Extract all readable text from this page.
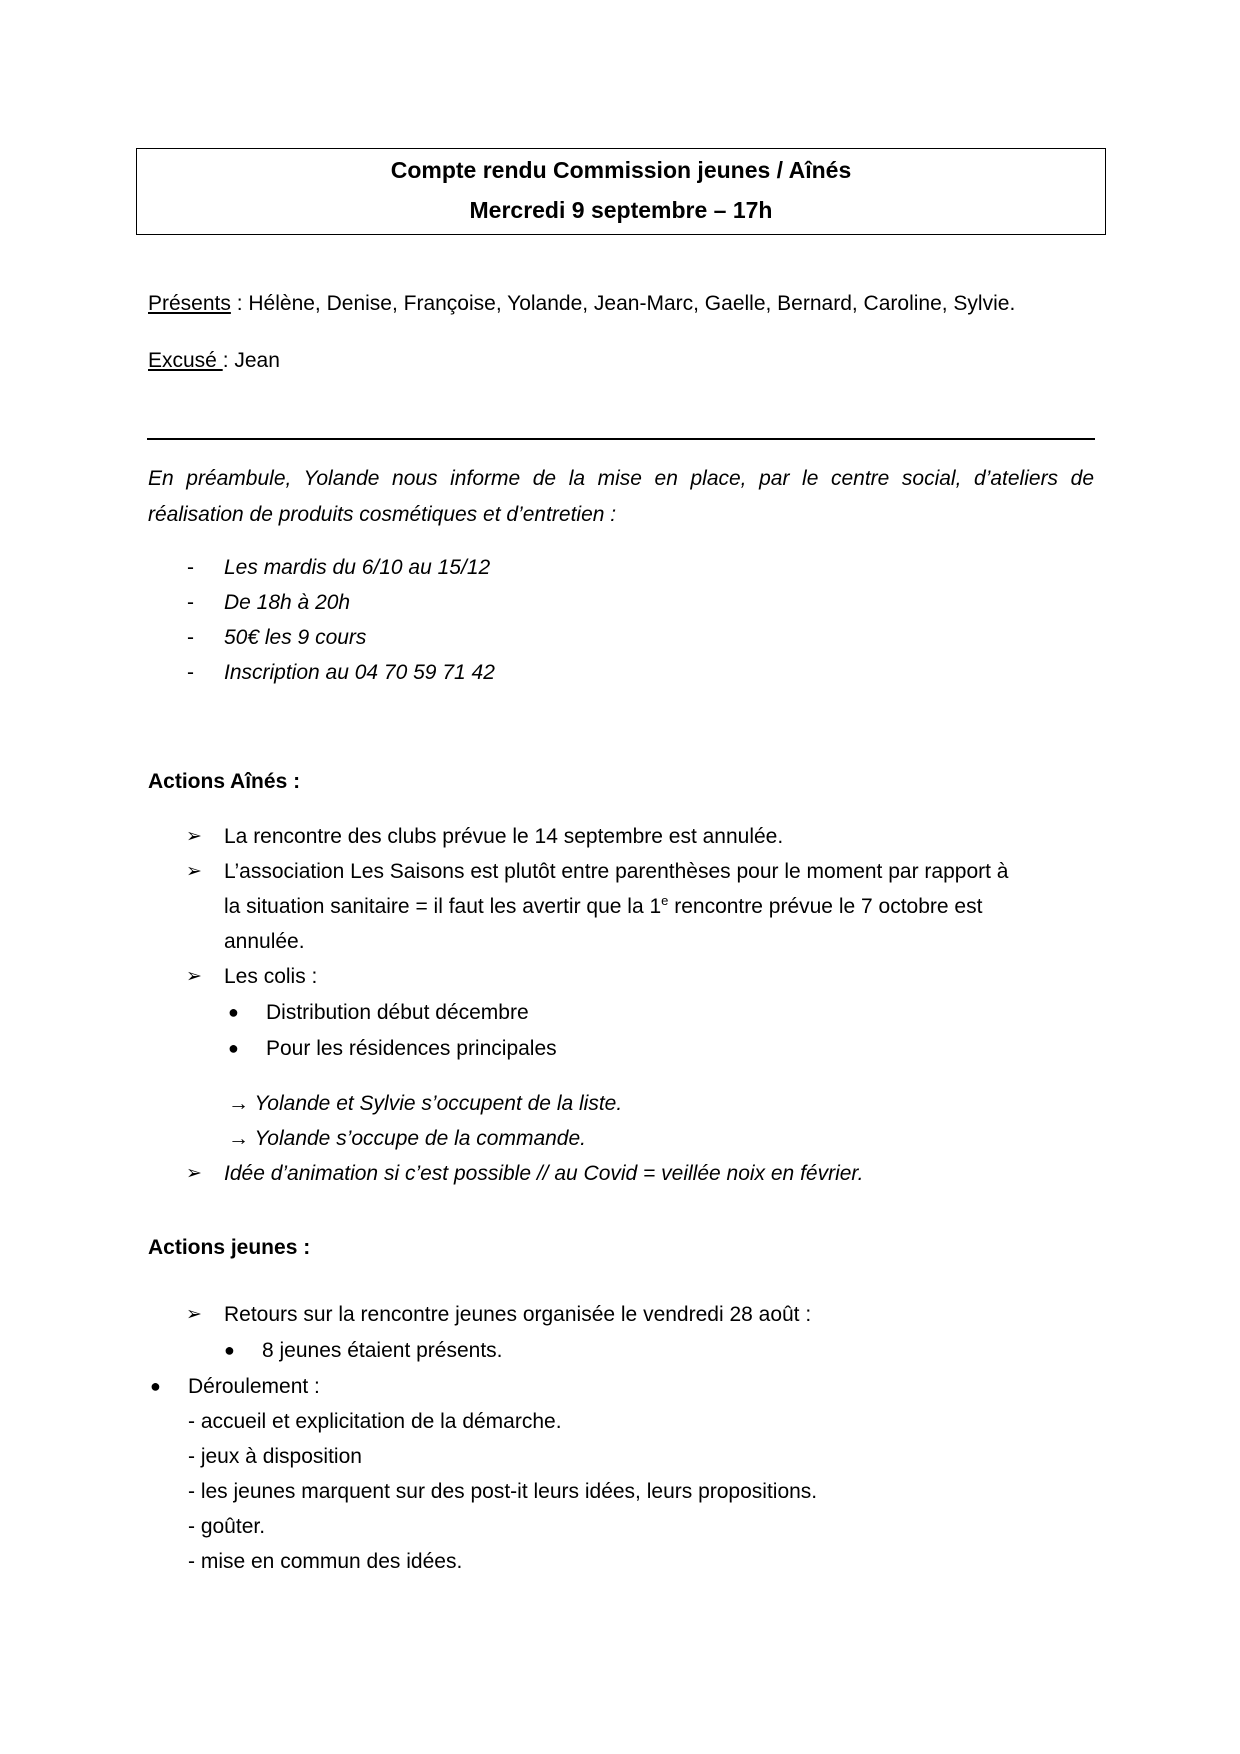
Compte rendu Commission jeunes / Aînés
Mercredi 9 septembre – 17h
Présents : Hélène, Denise, Françoise, Yolande, Jean-Marc, Gaelle, Bernard, Caroline, Sylvie.
Excusé : Jean
En préambule, Yolande nous informe de la mise en place, par le centre social, d’ateliers de
réalisation de produits cosmétiques et d’entretien :
- Les mardis du 6/10 au 15/12
- De 18h à 20h
- 50€ les 9 cours
- Inscription au 04 70 59 71 42
Actions Aînés :
➢ La rencontre des clubs prévue le 14 septembre est annulée.
➢ L’association Les Saisons est plutôt entre parenthèses pour le moment par rapport à
la situation sanitaire = il faut les avertir que la 1e rencontre prévue le 7 octobre est
annulée.
➢ Les colis :
● Distribution début décembre
● Pour les résidences principales
→ Yolande et Sylvie s’occupent de la liste.
→ Yolande s’occupe de la commande.
➢ Idée d’animation si c’est possible // au Covid = veillée noix en février.
Actions jeunes :
➢ Retours sur la rencontre jeunes organisée le vendredi 28 août :
● 8 jeunes étaient présents.
● Déroulement :
- accueil et explicitation de la démarche.
- jeux à disposition
- les jeunes marquent sur des post-it leurs idées, leurs propositions.
- goûter.
- mise en commun des idées.
